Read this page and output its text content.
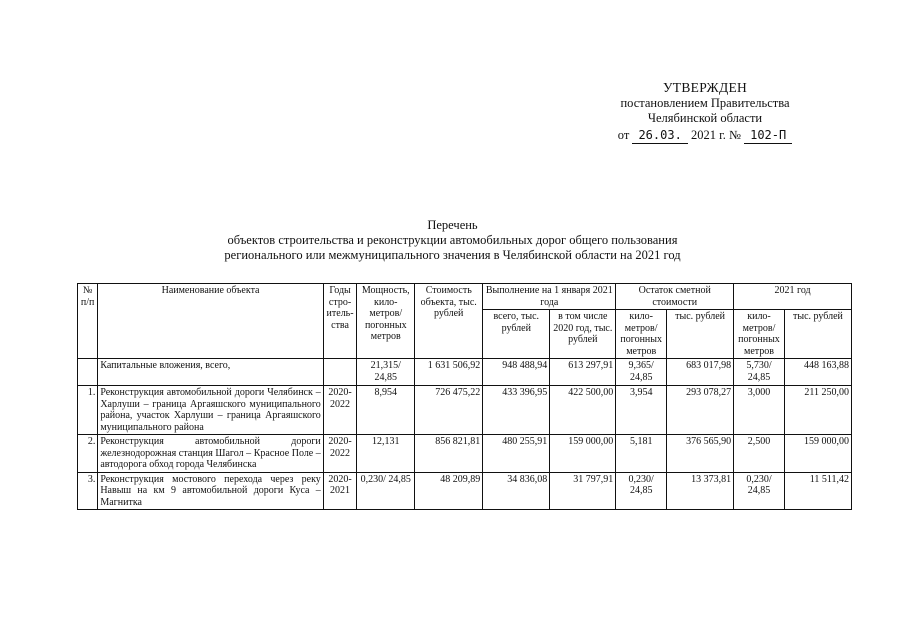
УТВЕРЖДЕН
постановлением Правительства
Челябинской области
от 26.03. 2021 г. № 102-П
Перечень
объектов строительства и реконструкции автомобильных дорог общего пользования
регионального или межмуниципального значения в Челябинской области на 2021 год
№ п/п	Наименование объекта	Годы стро-итель-ства	Мощность, кило-метров/ погонных метров	Стоимость объекта, тыс. рублей	Выполнение на 1 января 2021 года		Остаток сметной стоимости		2021 год	
					всего, тыс. рублей	в том числе 2020 год, тыс. рублей	кило-метров/ погонных метров	тыс. рублей	кило-метров/ погонных метров	тыс. рублей
	Капитальные вложения, всего,		21,315/ 24,85	1 631 506,92	948 488,94	613 297,91	9,365/ 24,85	683 017,98	5,730/ 24,85	448 163,88
1.	Реконструкция автомобильной дороги Челябинск – Харлуши – граница Аргаяшского муниципального района, участок Харлуши – граница Аргаяшского муниципального района	2020-2022	8,954	726 475,22	433 396,95	422 500,00	3,954	293 078,27	3,000	211 250,00
2.	Реконструкция автомобильной дороги железнодорожная станция Шагол – Красное Поле – автодорога обход города Челябинска	2020-2022	12,131	856 821,81	480 255,91	159 000,00	5,181	376 565,90	2,500	159 000,00
3.	Реконструкция мостового перехода через реку Навыш на км 9 автомобильной дороги Куса – Магнитка	2020-2021	0,230/ 24,85	48 209,89	34 836,08	31 797,91	0,230/ 24,85	13 373,81	0,230/ 24,85	11 511,42
